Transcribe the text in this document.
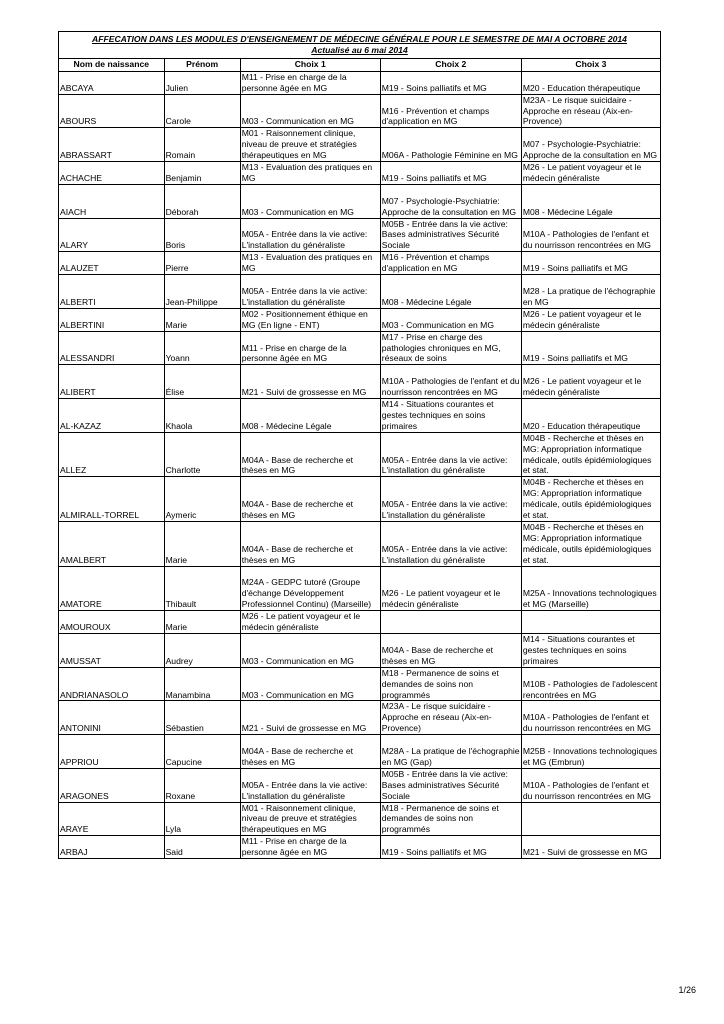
AFFECATION DANS LES MODULES D'ENSEIGNEMENT DE MÉDECINE GÉNÉRALE POUR LE SEMESTRE DE MAI A OCTOBRE 2014				
Actualisé au 6 mai 2014				
Nom de naissance	Prénom	Choix 1	Choix 2	Choix 3
ABCAYA	Julien	M11 - Prise en charge de la personne âgée en MG	M19 - Soins palliatifs et MG	M20 - Education thérapeutique
ABOURS	Carole	M03 - Communication en MG	M16 - Prévention et champs d'application en MG	M23A - Le risque suicidaire - Approche en réseau (Aix-en-Provence)
ABRASSART	Romain	M01 - Raisonnement clinique, niveau de preuve et stratégies thérapeutiques en MG	M06A - Pathologie Féminine en MG	M07 - Psychologie-Psychiatrie: Approche de la consultation en MG
ACHACHE	Benjamin	M13 - Evaluation des pratiques en MG	M19 - Soins palliatifs et MG	M26 - Le patient voyageur et le médecin généraliste
AIACH	Déborah	M03 - Communication en MG	M07 - Psychologie-Psychiatrie: Approche de la consultation en MG	M08 - Médecine Légale
ALARY	Boris	M05A - Entrée dans la vie active: L'installation du généraliste	M05B - Entrée dans la vie active: Bases administratives Sécurité Sociale	M10A - Pathologies de l'enfant et du nourrisson rencontrées en MG
ALAUZET	Pierre	M13 - Evaluation des pratiques en MG	M16 - Prévention et champs d'application en MG	M19 - Soins palliatifs et MG
ALBERTI	Jean-Philippe	M05A - Entrée dans la vie active: L'installation du généraliste	M08 - Médecine Légale	M28 - La pratique de l'échographie en MG
ALBERTINI	Marie	M02 - Positionnement éthique en MG (En ligne - ENT)	M03 - Communication en MG	M26 - Le patient voyageur et le médecin généraliste
ALESSANDRI	Yoann	M11 - Prise en charge de la personne âgée en MG	M17 - Prise en charge des pathologies chroniques en MG, réseaux de soins	M19 - Soins palliatifs et MG
ALIBERT	Élise	M21 - Suivi de grossesse en MG	M10A - Pathologies de l'enfant et du nourrisson rencontrées en MG	M26 - Le patient voyageur et le médecin généraliste
AL-KAZAZ	Khaola	M08 - Médecine Légale	M14 - Situations courantes et gestes techniques en soins primaires	M20 - Education thérapeutique
ALLEZ	Charlotte	M04A - Base de recherche et thèses en MG	M05A - Entrée dans la vie active: L'installation du généraliste	M04B - Recherche et thèses en MG: Appropriation informatique médicale, outils épidémiologiques et stat.
ALMIRALL-TORREL	Aymeric	M04A - Base de recherche et thèses en MG	M05A - Entrée dans la vie active: L'installation du généraliste	M04B - Recherche et thèses en MG: Appropriation informatique médicale, outils épidémiologiques et stat.
AMALBERT	Marie	M04A - Base de recherche et thèses en MG	M05A - Entrée dans la vie active: L'installation du généraliste	M04B - Recherche et thèses en MG: Appropriation informatique médicale, outils épidémiologiques et stat.
AMATORE	Thibault	M24A - GEDPC tutoré (Groupe d'échange Développement Professionnel Continu) (Marseille)	M26 - Le patient voyageur et le médecin généraliste	M25A - Innovations technologiques et MG (Marseille)
AMOUROUX	Marie	M26 - Le patient voyageur et le médecin généraliste		
AMUSSAT	Audrey	M03 - Communication en MG	M04A - Base de recherche et thèses en MG	M14 - Situations courantes et gestes techniques en soins primaires
ANDRIANASOLO	Manambina	M03 - Communication en MG	M18 - Permanence de soins et demandes de soins non programmés	M10B - Pathologies de l'adolescent rencontrées en MG
ANTONINI	Sébastien	M21 - Suivi de grossesse en MG	M23A - Le risque suicidaire - Approche en réseau (Aix-en-Provence)	M10A - Pathologies de l'enfant et du nourrisson rencontrées en MG
APPRIOU	Capucine	M04A - Base de recherche et thèses en MG	M28A - La pratique de l'échographie en MG (Gap)	M25B - Innovations technologiques et MG (Embrun)
ARAGONES	Roxane	M05A - Entrée dans la vie active: L'installation du généraliste	M05B - Entrée dans la vie active: Bases administratives Sécurité Sociale	M10A - Pathologies de l'enfant et du nourrisson rencontrées en MG
ARAYE	Lyla	M01 - Raisonnement clinique, niveau de preuve et stratégies thérapeutiques en MG	M18 - Permanence de soins et demandes de soins non programmés	
ARBAJ	Said	M11 - Prise en charge de la personne âgée en MG	M19 - Soins palliatifs et MG	M21 - Suivi de grossesse en MG
1/26
